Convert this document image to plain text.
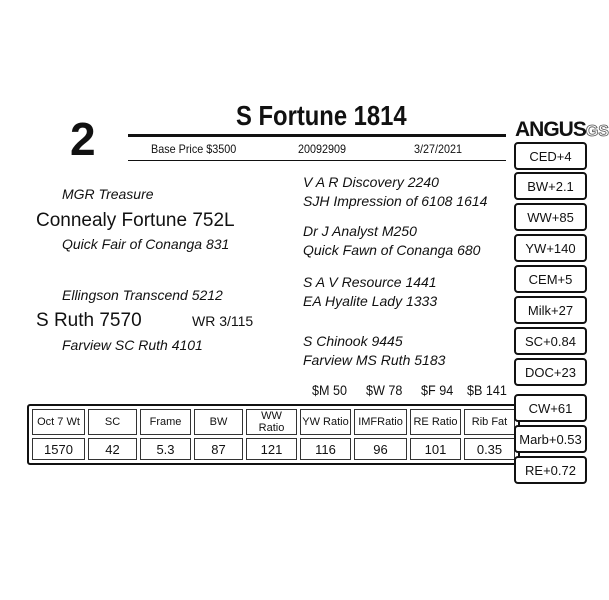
2	S Fortune 1814
Base Price $3500	20092909	3/27/2021
ANGUSGS
MGR Treasure
Connealy Fortune 752L
Quick Fair of Conanga 831
Ellingson Transcend 5212
S Ruth 7570	WR 3/115
Farview SC Ruth 4101
V A R Discovery 2240
SJH Impression of 6108 1614
Dr J Analyst M250
Quick Fawn of Conanga 680
S A V Resource 1441
EA Hyalite Lady 1333
S Chinook 9445
Farview MS Ruth 5183
$M 50 $W 78 $F 94 $B 141
Oct 7 Wt	SC	Frame	BW	WW Ratio	YW Ratio	IMFRatio	RE Ratio	Rib Fat
1570	42	5.3	87	121	116	96	101	0.35
CED+4
BW+2.1
WW+85
YW+140
CEM+5
Milk+27
SC+0.84
DOC+23
CW+61
Marb+0.53
RE+0.72
